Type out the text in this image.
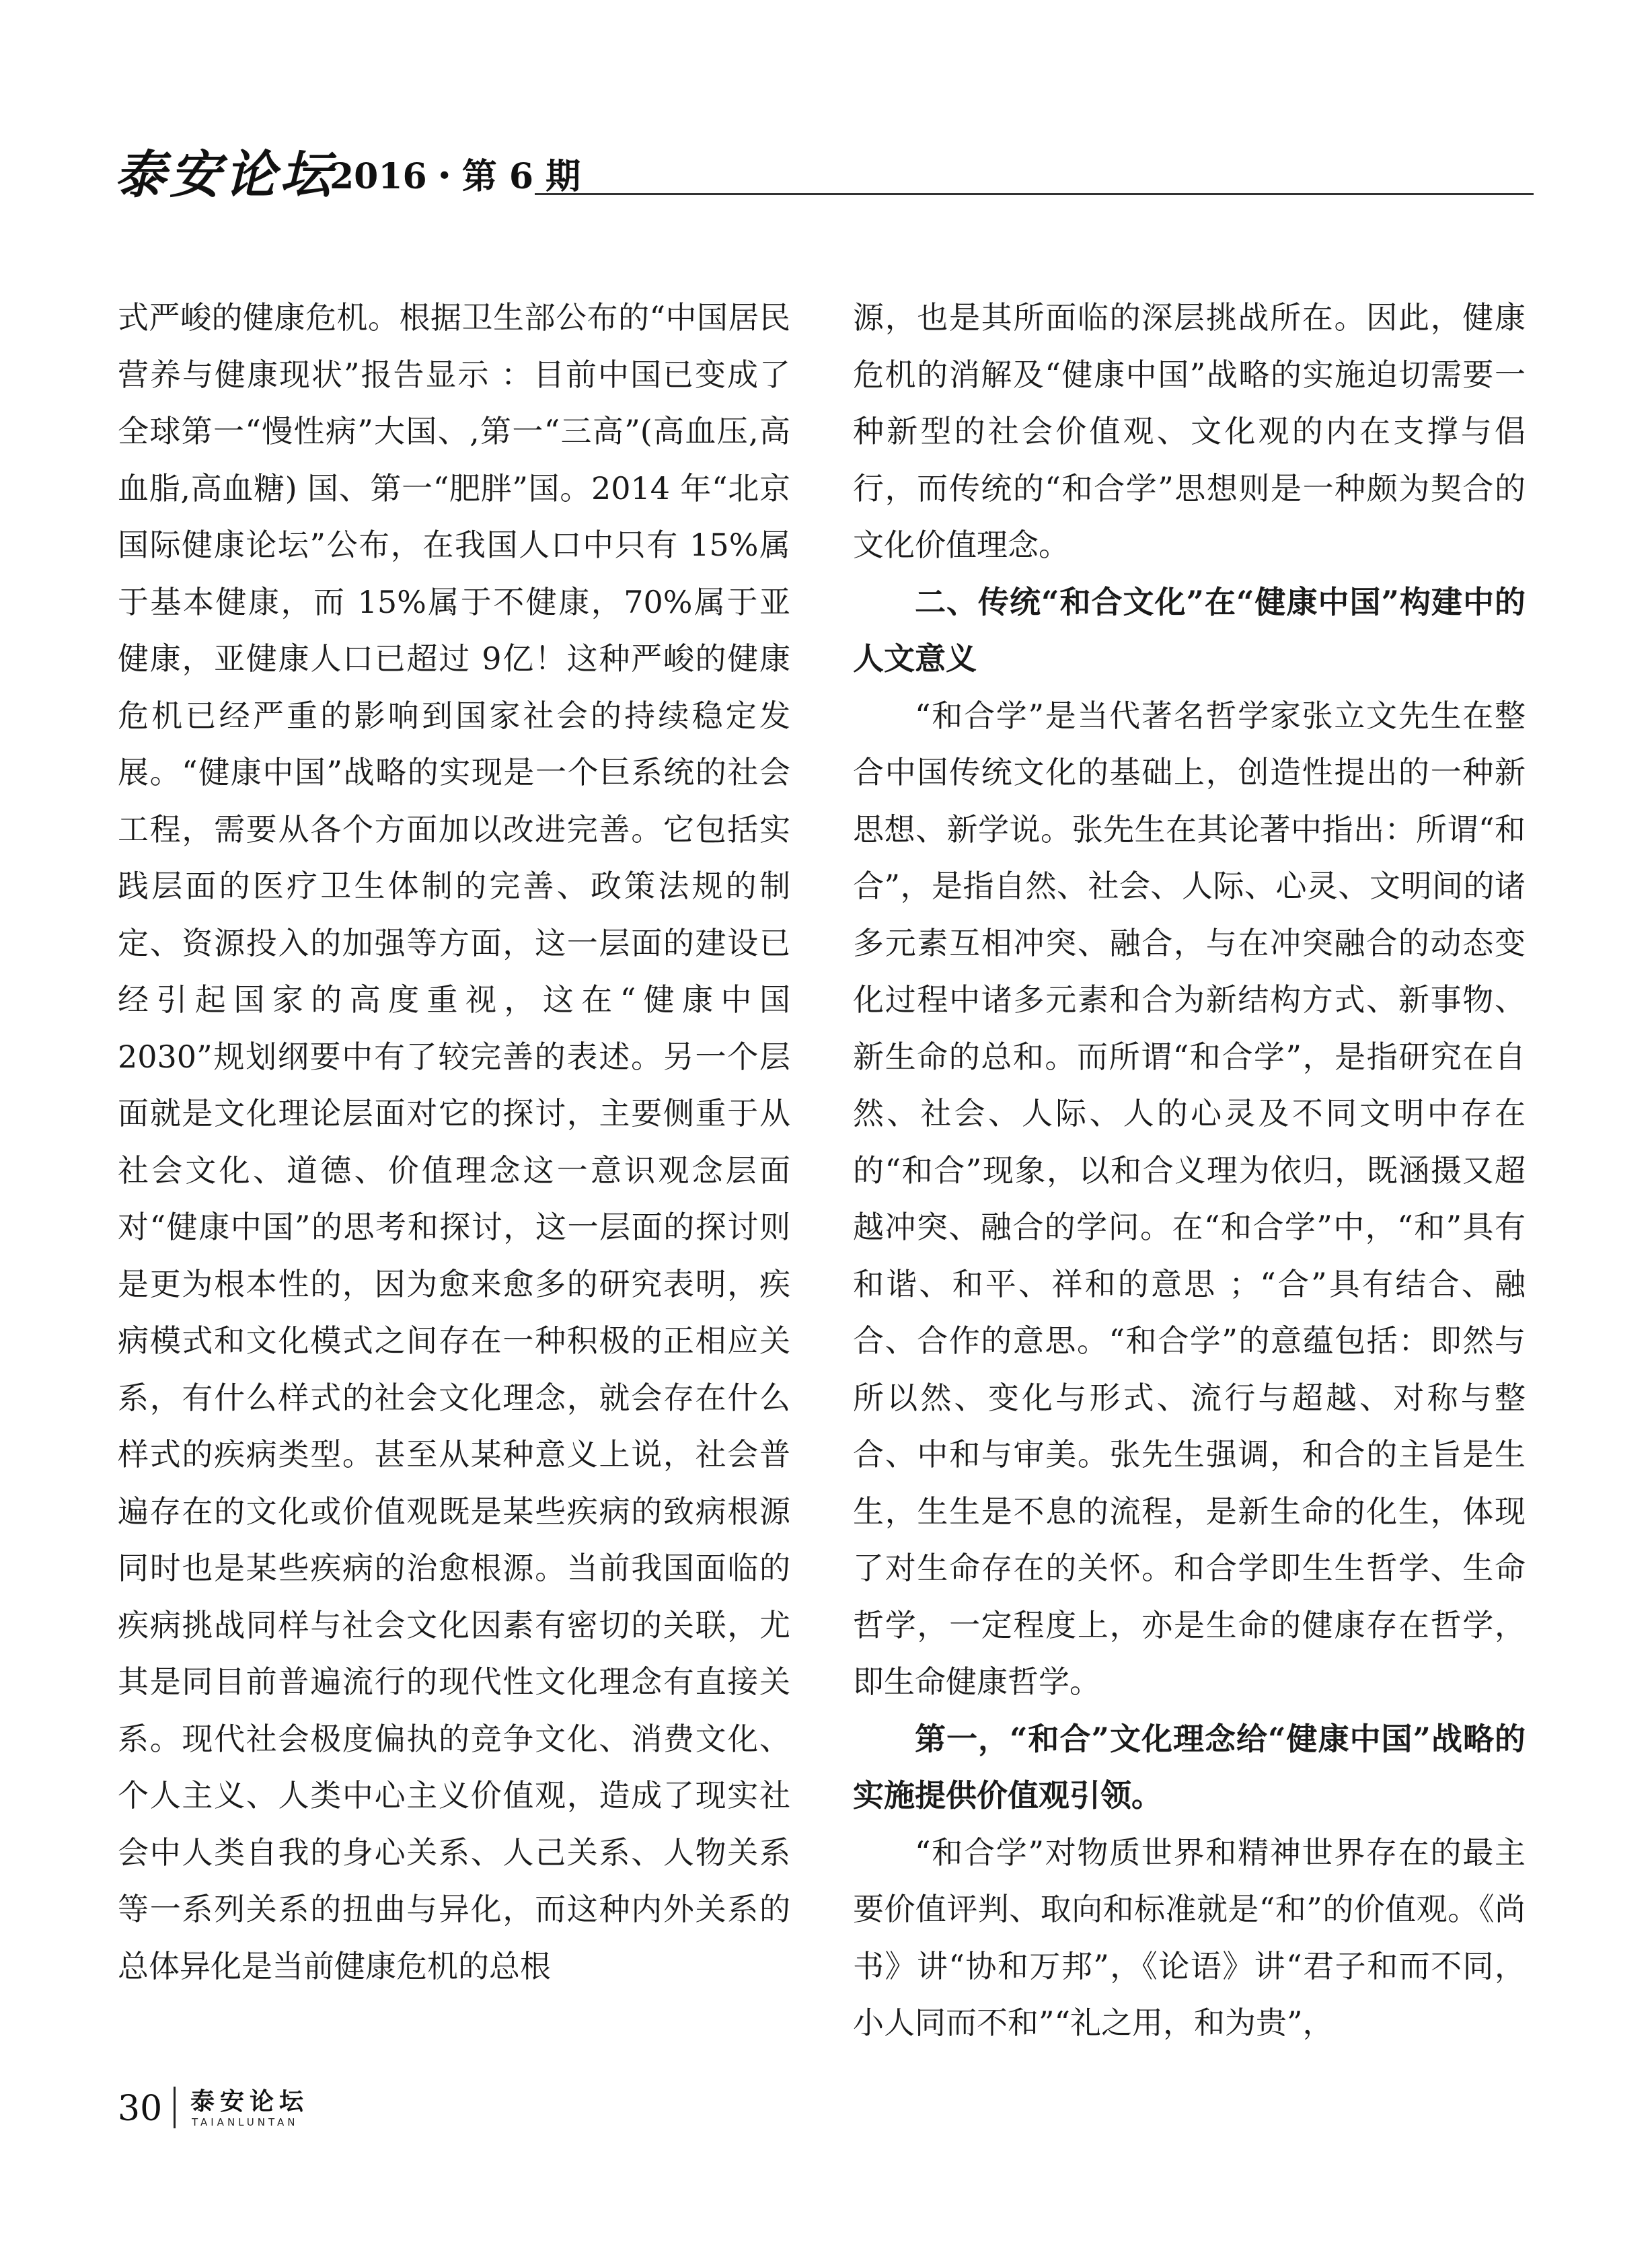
泰安论坛
2016・第 6 期

式严峻的健康危机。根据卫生部公布的“中国居民营养与健康现状”报告显示 ：目前中国已变成了全球第一“慢性病”大国、,第一“三高”(高血压,高血脂,高血糖) 国、第一“肥胖”国。2014 年“北京国际健康论坛”公布，在我国人口中只有 15%属于基本健康，而 15%属于不健康，70%属于亚健康，亚健康人口已超过 9亿！这种严峻的健康危机已经严重的影响到国家社会的持续稳定发展。“健康中国”战略的实现是一个巨系统的社会工程，需要从各个方面加以改进完善。它包括实践层面的医疗卫生体制的完善、政策法规的制定、资源投入的加强等方面，这一层面的建设已经引起国家的高度重视，这在“健康中国 2030”规划纲要中有了较完善的表述。另一个层面就是文化理论层面对它的探讨，主要侧重于从社会文化、道德、价值理念这一意识观念层面对“健康中国”的思考和探讨，这一层面的探讨则是更为根本性的，因为愈来愈多的研究表明，疾病模式和文化模式之间存在一种积极的正相应关系，有什么样式的社会文化理念，就会存在什么样式的疾病类型。甚至从某种意义上说，社会普遍存在的文化或价值观既是某些疾病的致病根源同时也是某些疾病的治愈根源。当前我国面临的疾病挑战同样与社会文化因素有密切的关联，尤其是同目前普遍流行的现代性文化理念有直接关系。现代社会极度偏执的竞争文化、消费文化、个人主义、人类中心主义价值观，造成了现实社会中人类自我的身心关系、人己关系、人物关系等一系列关系的扭曲与异化，而这种内外关系的总体异化是当前健康危机的总根

源，也是其所面临的深层挑战所在。因此，健康危机的消解及“健康中国”战略的实施迫切需要一种新型的社会价值观、文化观的内在支撑与倡行，而传统的“和合学”思想则是一种颇为契合的文化价值理念。

二、传统“和合文化”在“健康中国”构建中的人文意义

“和合学”是当代著名哲学家张立文先生在整合中国传统文化的基础上，创造性提出的一种新思想、新学说。张先生在其论著中指出：所谓“和合”，是指自然、社会、人际、心灵、文明间的诸多元素互相冲突、融合，与在冲突融合的动态变化过程中诸多元素和合为新结构方式、新事物、新生命的总和。而所谓“和合学”，是指研究在自然、社会、人际、人的心灵及不同文明中存在的“和合”现象，以和合义理为依归，既涵摄又超越冲突、融合的学问。在“和合学”中，“和”具有和谐、和平、祥和的意思 ；“合”具有结合、融合、合作的意思。“和合学”的意蕴包括：即然与所以然、变化与形式、流行与超越、对称与整合、中和与审美。张先生强调，和合的主旨是生生，生生是不息的流程，是新生命的化生，体现了对生命存在的关怀。和合学即生生哲学、生命哲学，一定程度上，亦是生命的健康存在哲学，即生命健康哲学。

第一，“和合”文化理念给“健康中国”战略的实施提供价值观引领。

“和合学”对物质世界和精神世界存在的最主要价值评判、取向和标准就是“和”的价值观。《尚书》讲“协和万邦”，《论语》讲“君子和而不同，小人同而不和”“礼之用，和为贵”，

30 泰安论坛
TAIANLUNTAN
